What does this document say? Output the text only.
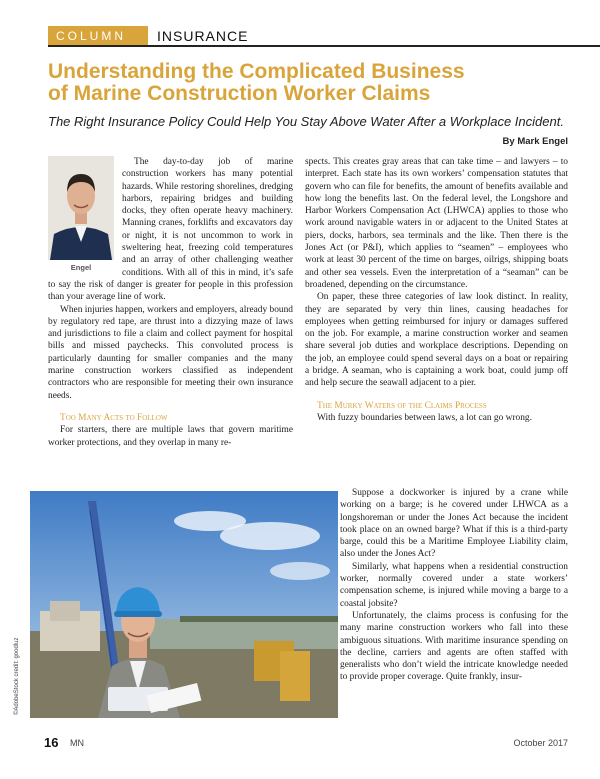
COLUMN	INSURANCE
Understanding the Complicated Business
of Marine Construction Worker Claims

The Right Insurance Policy Could Help You Stay Above Water After a Workplace Incident.

By Mark Engel
Engel

The day-to-day job of marine construction workers has many potential hazards. While restoring shorelines, dredging harbors, repairing bridges and building docks, they often operate heavy machinery. Manning cranes, forklifts and excavators day or night, it is not uncommon to work in sweltering heat, freezing cold temperatures and an array of other challenging weather conditions. With all of this in mind, it’s safe to say the risk of danger is greater for people in this profession than your average line of work.

When injuries happen, workers and employers, already bound by regulatory red tape, are thrust into a dizzying maze of laws and jurisdictions to file a claim and collect payment for hospital bills and missed paychecks. This convoluted process is particularly daunting for smaller companies and the many marine construction workers classified as independent contractors who are responsible for meeting their own insurance needs.

Too Many Acts to Follow

For starters, there are multiple laws that govern maritime worker protections, and they overlap in many re-

spects. This creates gray areas that can take time – and lawyers – to interpret. Each state has its own workers’ compensation statutes that govern who can file for benefits, the amount of benefits available and how long the benefits last. On the federal level, the Longshore and Harbor Workers Compensation Act (LHWCA) applies to those who work around navigable waters in or adjacent to the United States at piers, docks, harbors, sea terminals and the like. Then there is the Jones Act (or P&I), which applies to “seamen” – employees who work at least 30 percent of the time on barges, oilrigs, shipping boats and other sea vessels. Even the interpretation of a “seaman” can be broadened, depending on the circumstance.

On paper, these three categories of law look distinct. In reality, they are separated by very thin lines, causing headaches for employees when getting reimbursed for injury or damages suffered on the job. For example, a marine construction worker and seamen share several job duties and workplace descriptions. Depending on the job, an employee could spend several days on a boat or repairing a bridge. A seaman, who is captaining a work boat, could jump off and help secure the seawall adjacent to a pier.

The Murky Waters of the Claims Process

With fuzzy boundaries between laws, a lot can go wrong.

©AdobeStock credit: goodluz

Suppose a dockworker is injured by a crane while working on a barge; is he covered under LHWCA as a longshoreman or under the Jones Act because the incident took place on an owned barge? What if this is a third-party barge, could this be a Maritime Employee Liability claim, also under the Jones Act?

Similarly, what happens when a residential construction worker, normally covered under a state workers’ compensation scheme, is injured while moving a barge to a coastal jobsite?

Unfortunately, the claims process is confusing for the many marine construction workers who fall into these ambiguous situations. With maritime insurance spending on the decline, carriers and agents are often staffed with generalists who don’t wield the intricate knowledge needed to provide proper coverage. Quite frankly, insur-

16 MN	October 2017
